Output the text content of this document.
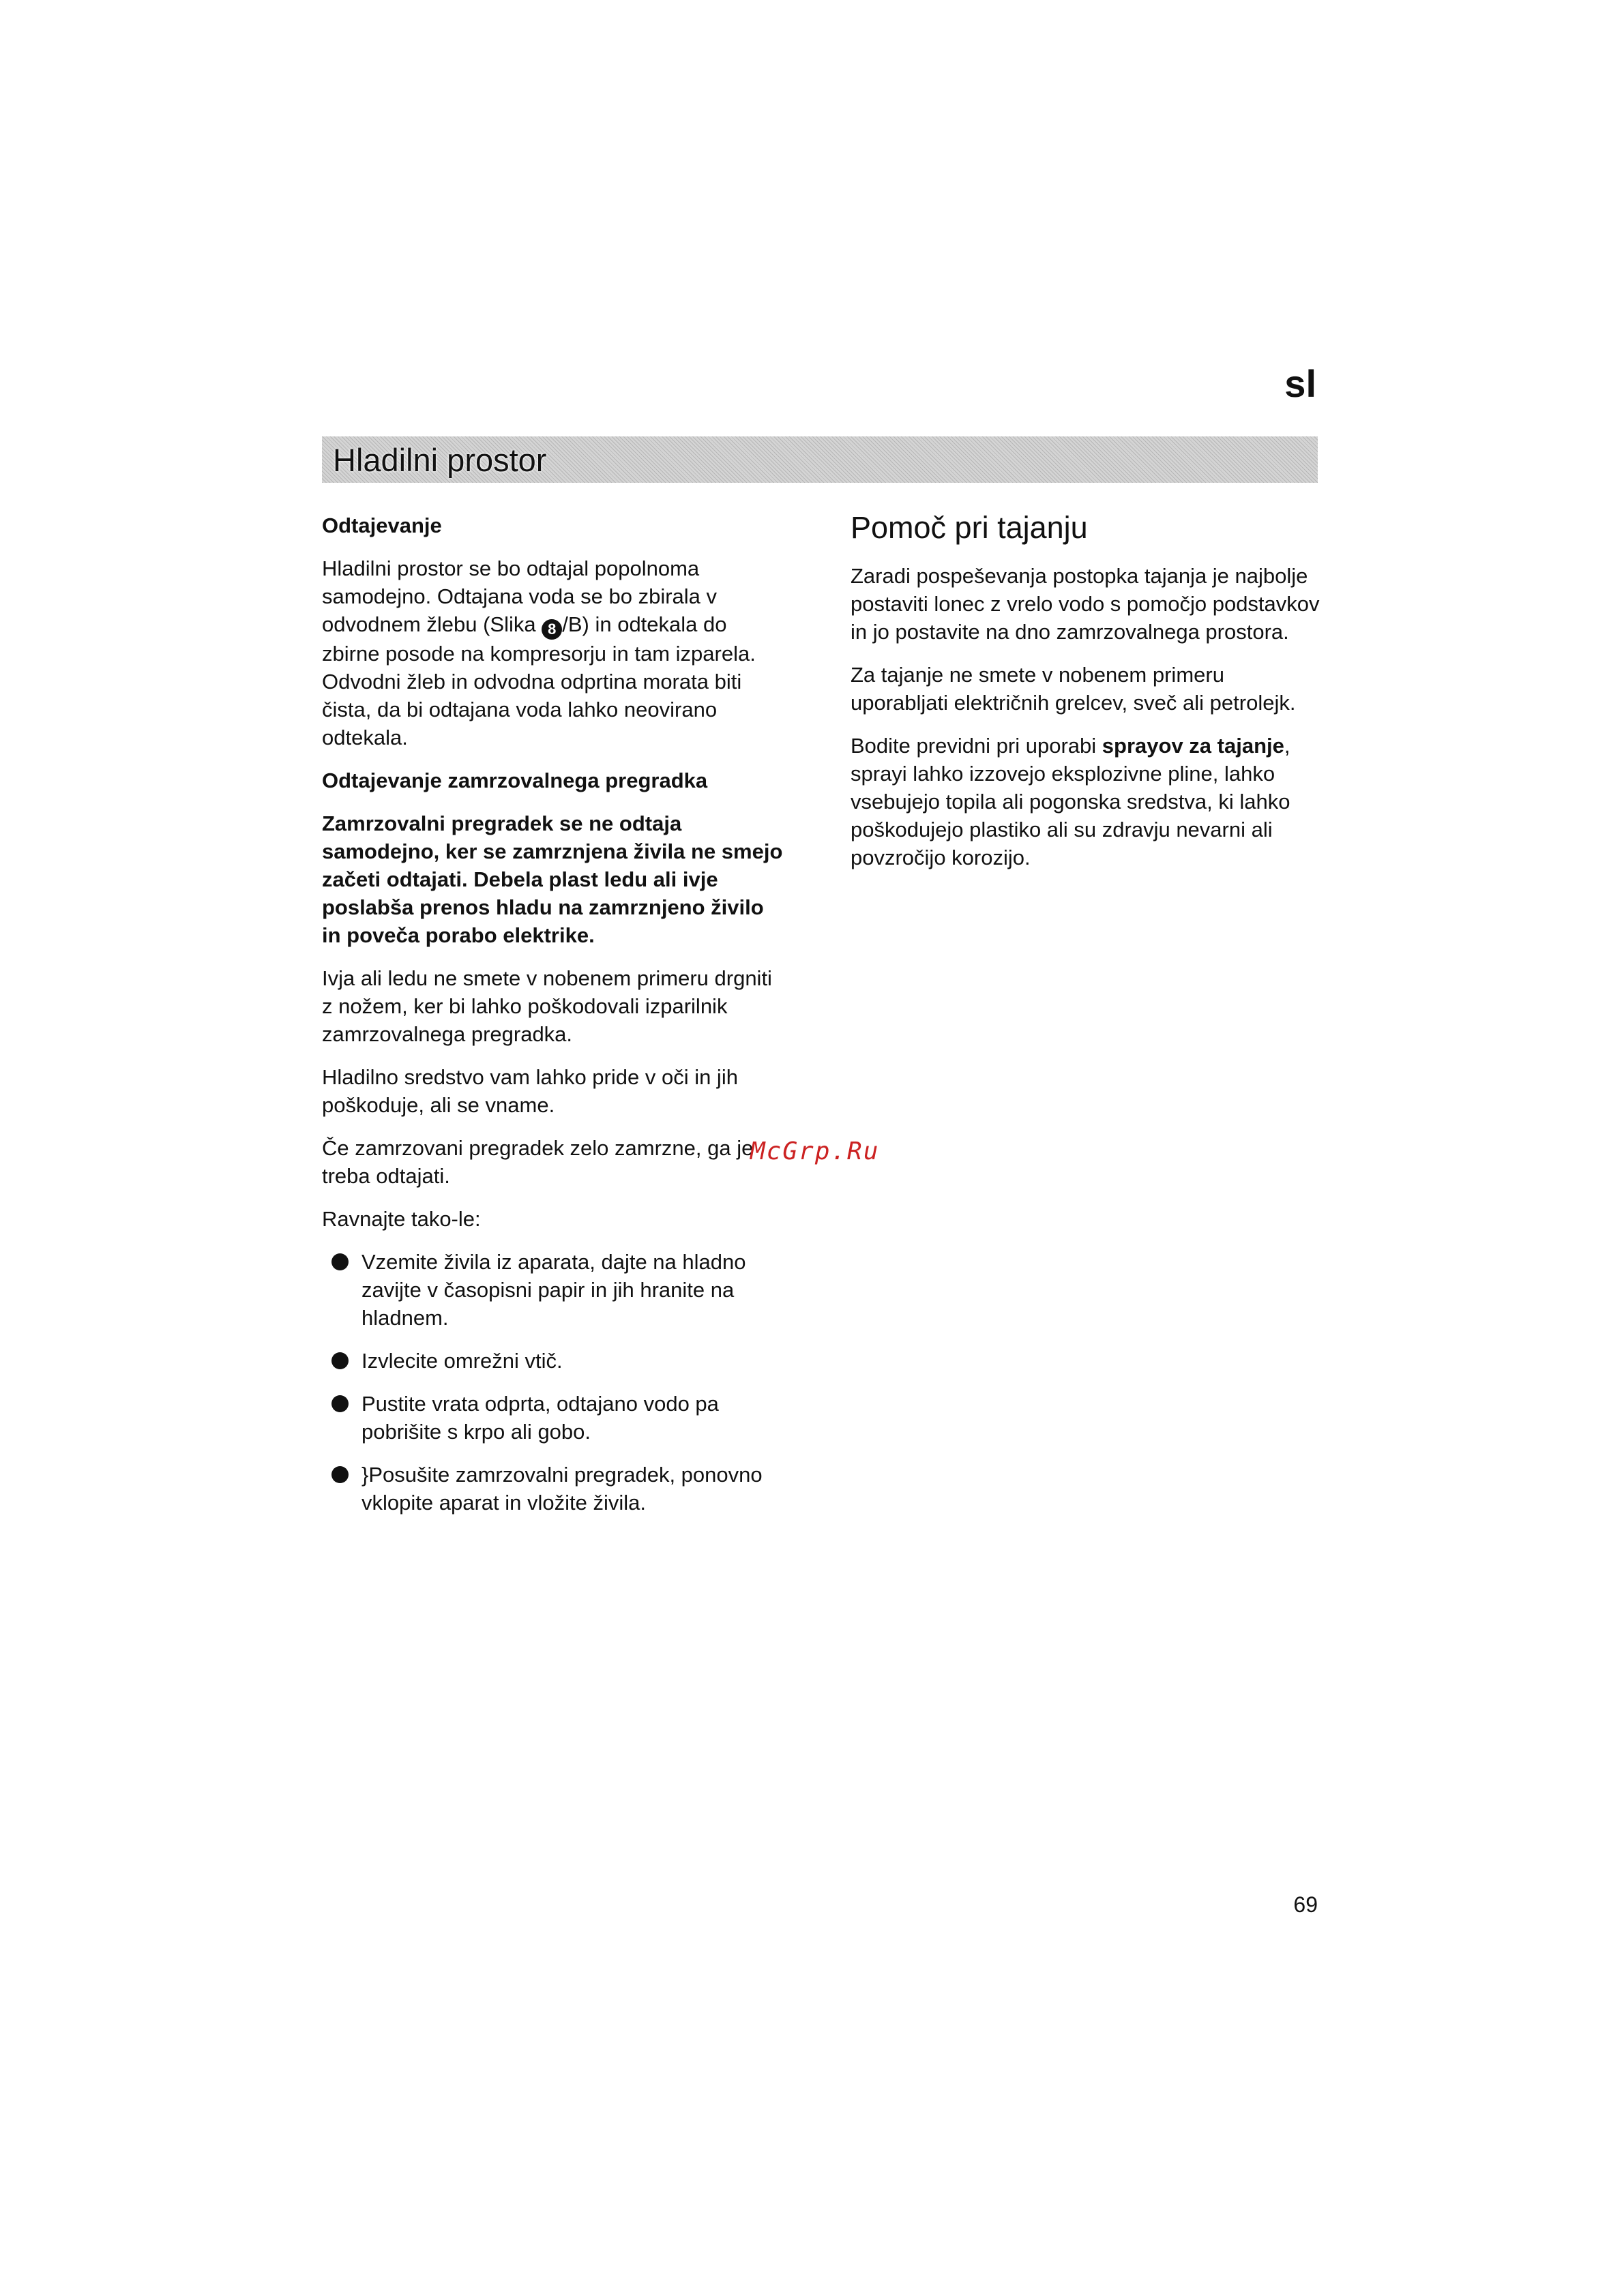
sl
Hladilni prostor

Odtajevanje

Hladilni prostor se bo odtajal popolnoma samodejno. Odtajana voda se bo zbirala v odvodnem žlebu (Slika 8 /B) in odtekala do zbirne posode na kompresorju in tam izparela. Odvodni žleb in odvodna odprtina morata biti čista, da bi odtajana voda lahko neovirano odtekala.

Odtajevanje zamrzovalnega pregradka

Zamrzovalni pregradek se ne odtaja samodejno, ker se zamrznjena živila ne smejo začeti odtajati. Debela plast ledu ali ivje poslabša prenos hladu na zamrznjeno živilo in poveča porabo elektrike.

Ivja ali ledu ne smete v nobenem primeru drgniti z nožem, ker bi lahko poškodovali izparilnik zamrzovalnega pregradka.

Hladilno sredstvo vam lahko pride v oči in jih poškoduje, ali se vname.

Če zamrzovani pregradek zelo zamrzne, ga je treba odtajati.

Ravnajte tako-le:

Vzemite živila iz aparata, dajte na hladno zavijte v časopisni papir in jih hranite na hladnem.
Izvlecite omrežni vtič.
Pustite vrata odprta, odtajano vodo pa pobrišite s krpo ali gobo.
}Posušite zamrzovalni pregradek, ponovno vklopite aparat in vložite živila.

Pomoč pri tajanju

Zaradi pospeševanja postopka tajanja je najbolje postaviti lonec z vrelo vodo s pomočjo podstavkov in jo postavite na dno zamrzovalnega prostora.

Za tajanje ne smete v nobenem primeru uporabljati električnih grelcev, sveč ali petrolejk.

Bodite previdni pri uporabi sprayov za tajanje, sprayi lahko izzovejo eksplozivne pline, lahko vsebujejo topila ali pogonska sredstva, ki lahko poškodujejo plastiko ali su zdravju nevarni ali povzročijo korozijo.

McGrp.Ru
69
